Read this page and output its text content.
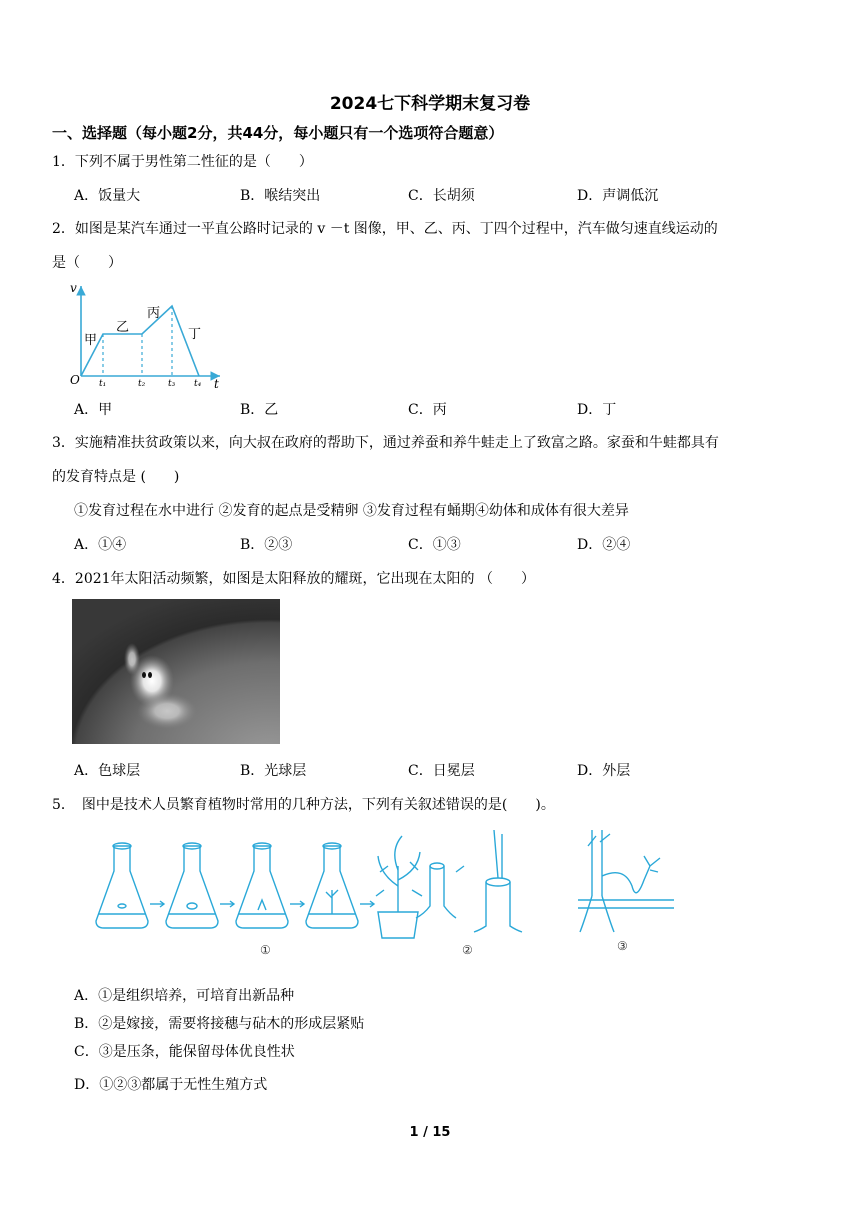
2024七下科学期末复习卷
一、选择题（每小题2分，共44分，每小题只有一个选项符合题意）
1．下列不属于男性第二性征的是（　　）
A．饭量大	B．喉结突出	C．长胡须	D．声调低沉
2．如图是某汽车通过一平直公路时记录的 v －t 图像，甲、乙、丙、丁四个过程中，汽车做匀速直线运动的
是（　　）
v
t
O t₁	t₂	t₃ t₄
甲
乙
丙
丁
A．甲	B．乙	C．丙	D．丁
3．实施精准扶贫政策以来，向大叔在政府的帮助下，通过养蚕和养牛蛙走上了致富之路。家蚕和牛蛙都具有
的发育特点是 (　　)
①发育过程在水中进行 ②发育的起点是受精卵 ③发育过程有蛹期④幼体和成体有很大差异
A．①④	B．②③	C．①③	D．②④
4．2021年太阳活动频繁，如图是太阳释放的耀斑，它出现在太阳的 （　　）
A．色球层	B．光球层	C．日冕层	D．外层
5．　图中是技术人员繁育植物时常用的几种方法，下列有关叙述错误的是(　　)。
①	②	③
A．①是组织培养，可培育出新品种
B．②是嫁接，需要将接穗与砧木的形成层紧贴
C．③是压条，能保留母体优良性状
D．①②③都属于无性生殖方式
1 / 15
